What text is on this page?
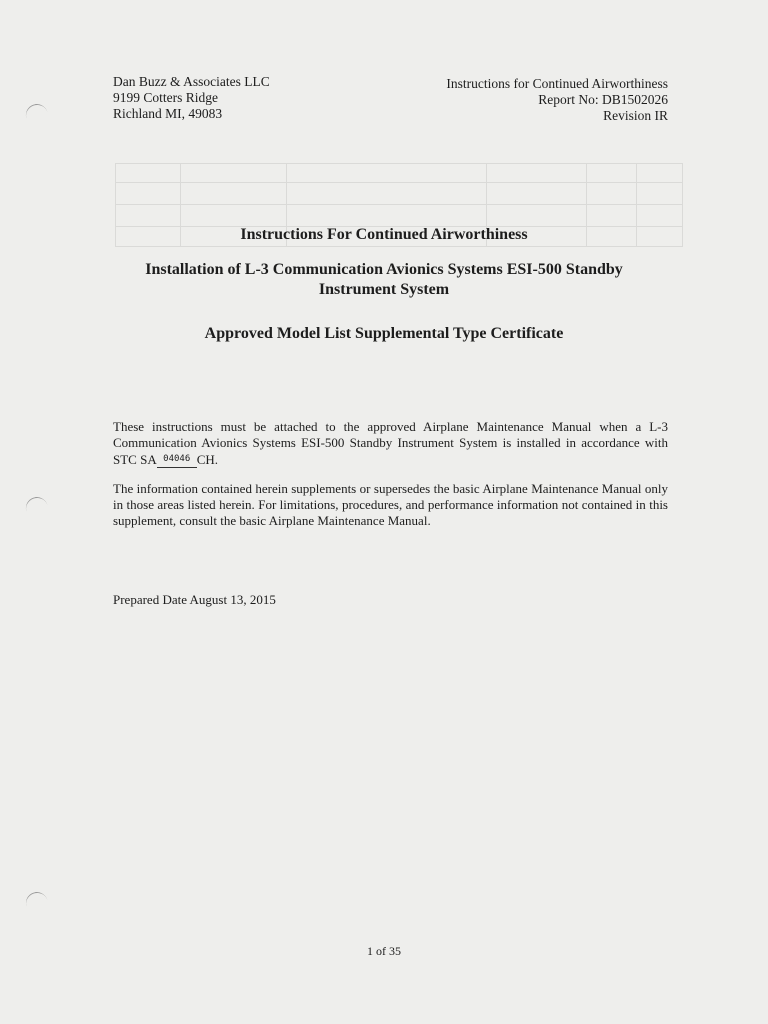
Dan Buzz & Associates LLC
9199 Cotters Ridge
Richland MI, 49083
Instructions for Continued Airworthiness
Report No: DB1502026
Revision IR
Instructions For Continued Airworthiness
Installation of L-3 Communication Avionics Systems ESI-500 Standby
Instrument System
Approved Model List Supplemental Type Certificate
These instructions must be attached to the approved Airplane Maintenance Manual when a L-3 Communication Avionics Systems ESI-500 Standby Instrument System is installed in accordance with STC SA 04046 CH.
The information contained herein supplements or supersedes the basic Airplane Maintenance Manual only in those areas listed herein. For limitations, procedures, and performance information not contained in this supplement, consult the basic Airplane Maintenance Manual.
Prepared Date August 13, 2015
1 of 35
